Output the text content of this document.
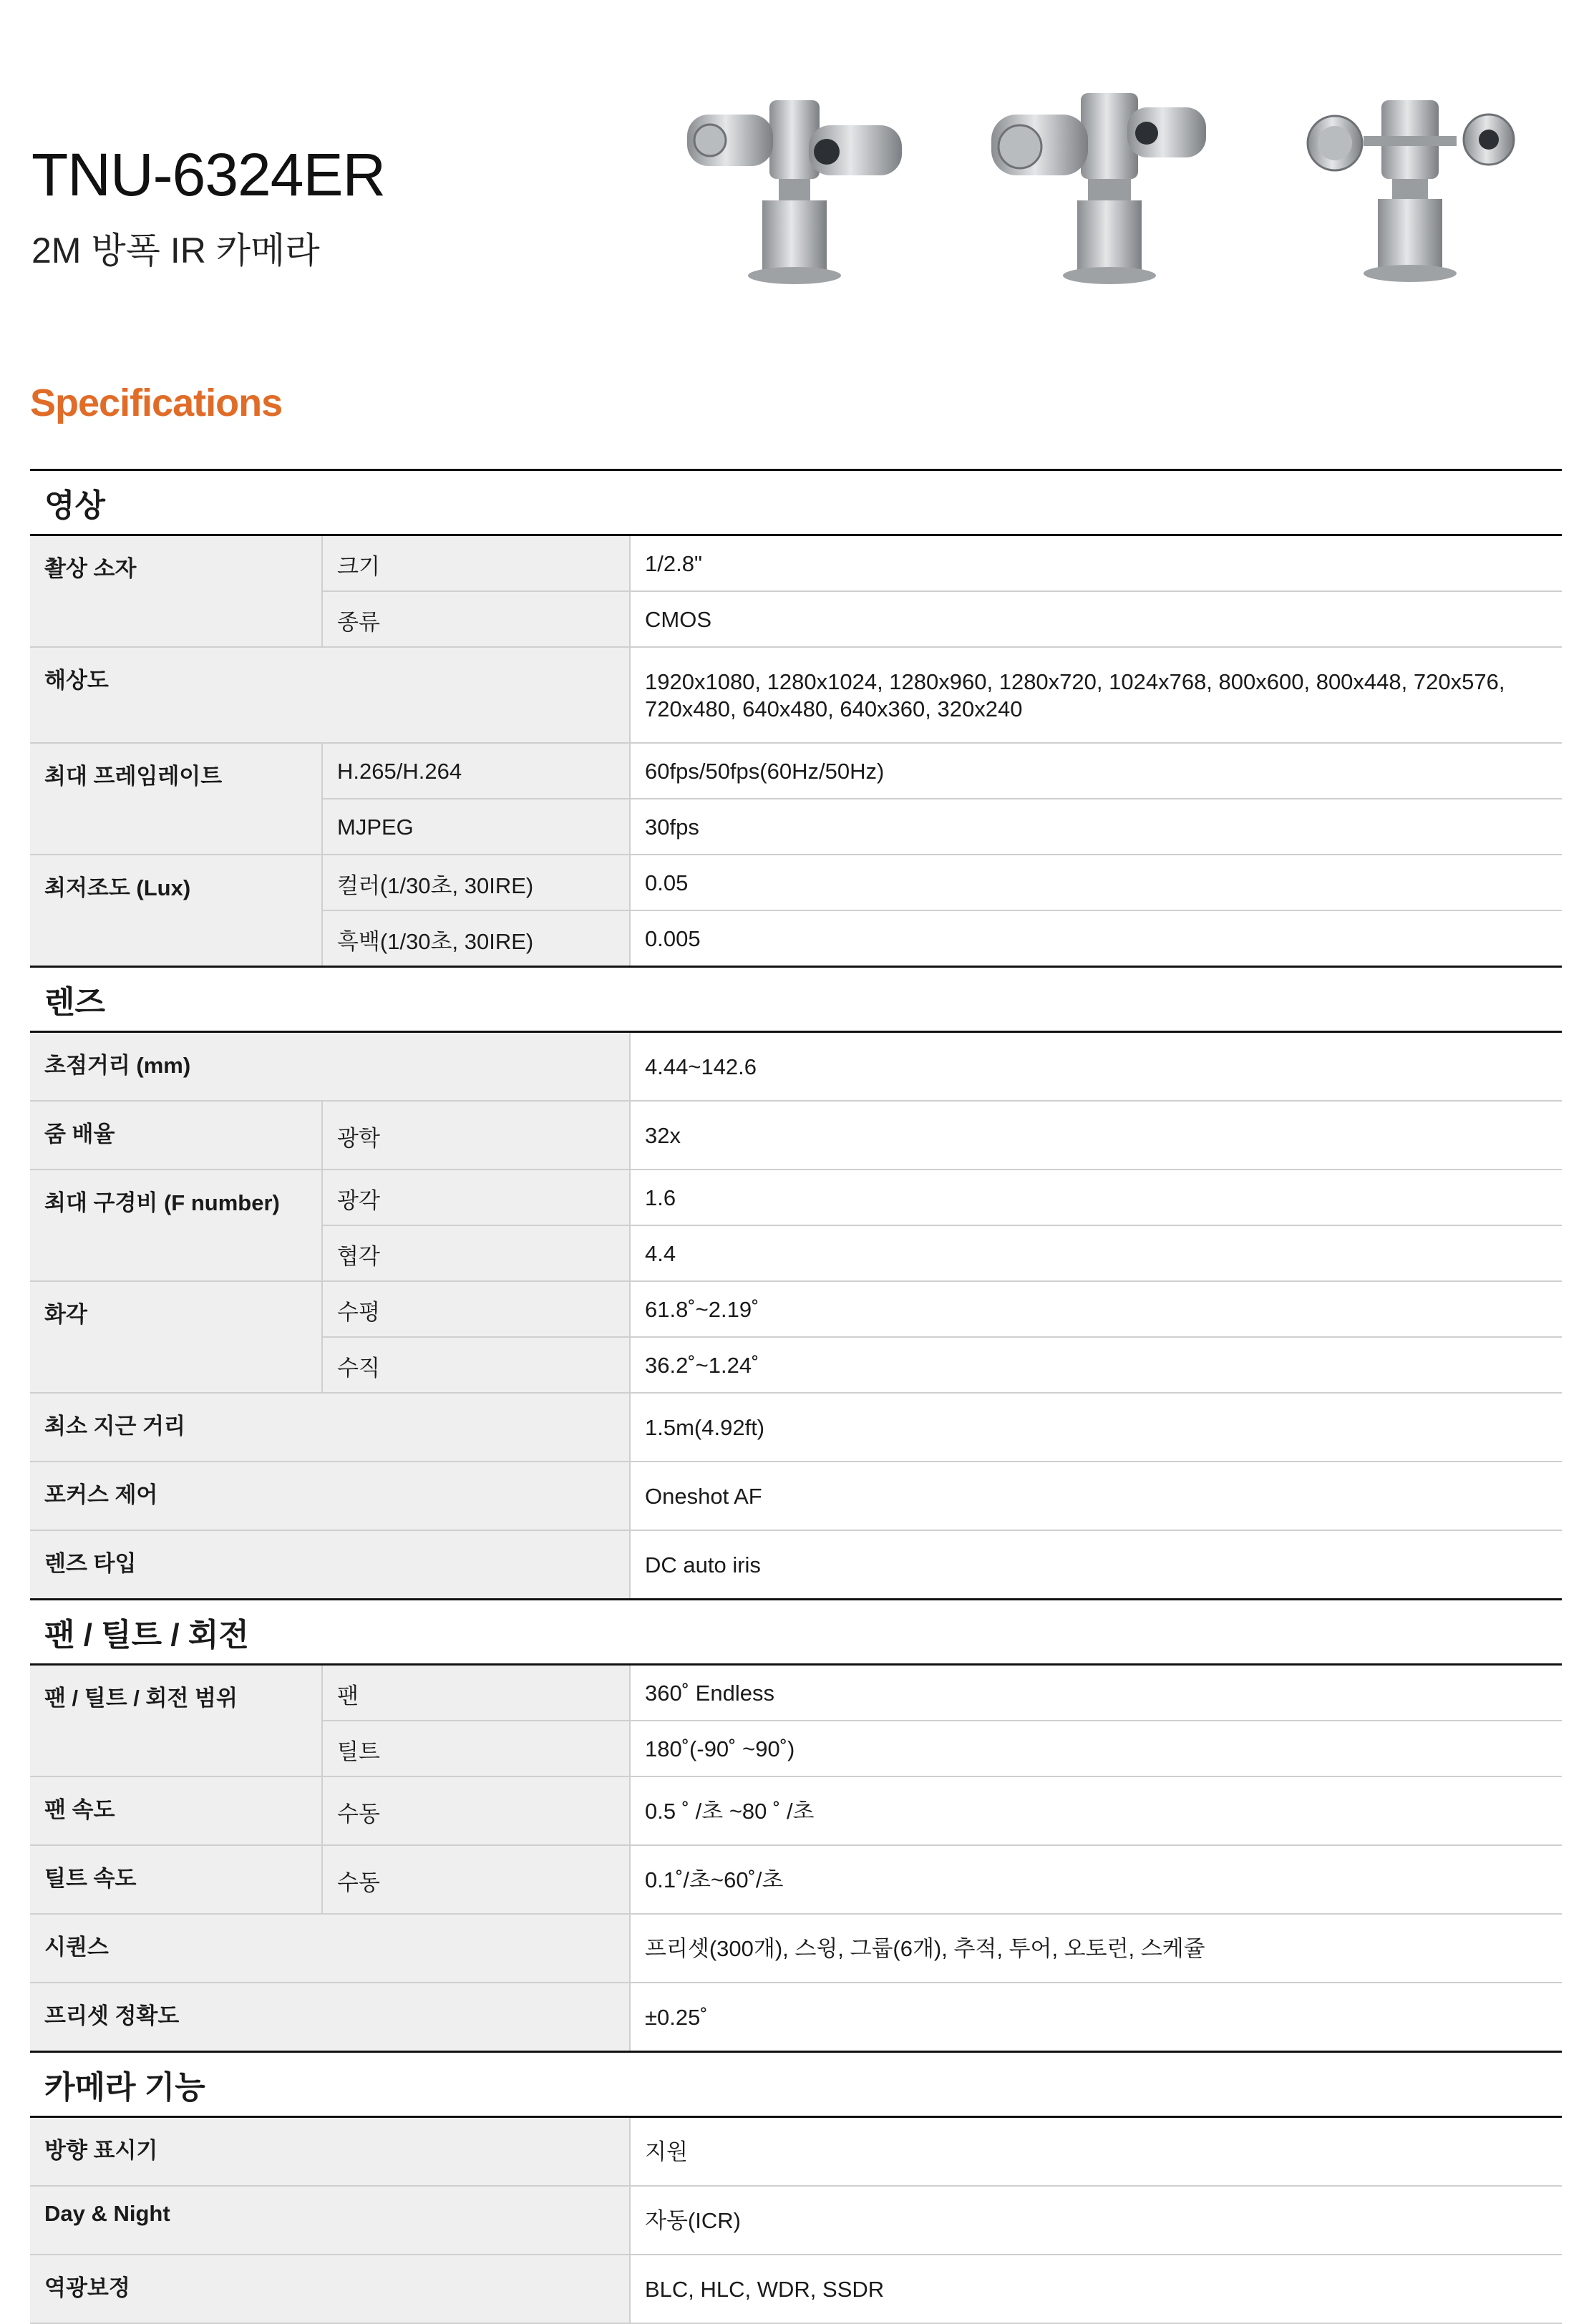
TNU-6324ER

2M 방폭 IR 카메라

Specifications
영상		
촬상 소자	크기	1/2.8"
	종류	CMOS
해상도		1920x1080, 1280x1024, 1280x960, 1280x720, 1024x768, 800x600, 800x448, 720x576, 720x480, 640x480, 640x360, 320x240
최대 프레임레이트	H.265/H.264	60fps/50fps(60Hz/50Hz)
	MJPEG	30fps
최저조도 (Lux)	컬러(1/30초, 30IRE)	0.05
	흑백(1/30초, 30IRE)	0.005
렌즈		
초점거리 (mm)		4.44~142.6
줌 배율	광학	32x
최대 구경비 (F number)	광각	1.6
	협각	4.4
화각	수평	61.8˚~2.19˚
	수직	36.2˚~1.24˚
최소 지근 거리		1.5m(4.92ft)
포커스 제어		Oneshot AF
렌즈 타입		DC auto iris
팬 / 틸트 / 회전		
팬 / 틸트 / 회전 범위	팬	360˚ Endless
	틸트	180˚(-90˚ ~90˚)
팬 속도	수동	0.5 ˚ /초 ~80 ˚ /초
틸트 속도	수동	0.1˚/초~60˚/초
시퀀스		프리셋(300개), 스윙, 그룹(6개), 추적, 투어, 오토런, 스케쥴
프리셋 정확도		±0.25˚
카메라 기능		
방향 표시기		지원
Day & Night		자동(ICR)
역광보정		BLC, HLC, WDR, SSDR
